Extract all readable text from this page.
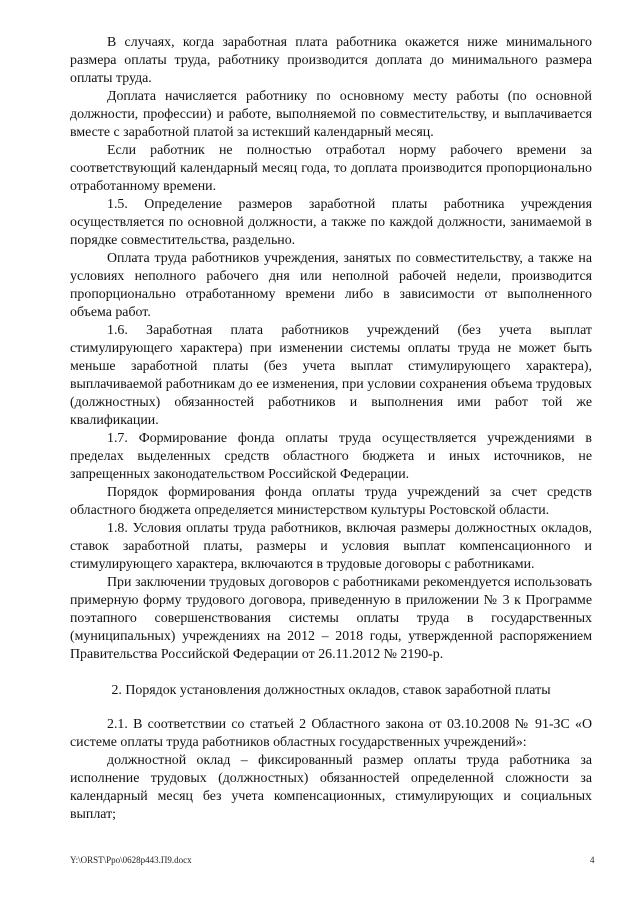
В случаях, когда заработная плата работника окажется ниже минимального размера оплаты труда, работнику производится доплата до минимального размера оплаты труда.

Доплата начисляется работнику по основному месту работы (по основной должности, профессии) и работе, выполняемой по совместительству, и выплачивается вместе с заработной платой за истекший календарный месяц.

Если работник не полностью отработал норму рабочего времени за соответствующий календарный месяц года, то доплата производится пропорционально отработанному времени.

1.5. Определение размеров заработной платы работника учреждения осуществляется по основной должности, а также по каждой должности, занимаемой в порядке совместительства, раздельно.

Оплата труда работников учреждения, занятых по совместительству, а также на условиях неполного рабочего дня или неполной рабочей недели, производится пропорционально отработанному времени либо в зависимости от выполненного объема работ.

1.6. Заработная плата работников учреждений (без учета выплат стимулирующего характера) при изменении системы оплаты труда не может быть меньше заработной платы (без учета выплат стимулирующего характера), выплачиваемой работникам до ее изменения, при условии сохранения объема трудовых (должностных) обязанностей работников и выполнения ими работ той же квалификации.

1.7. Формирование фонда оплаты труда осуществляется учреждениями в пределах выделенных средств областного бюджета и иных источников, не запрещенных законодательством Российской Федерации.

Порядок формирования фонда оплаты труда учреждений за счет средств областного бюджета определяется министерством культуры Ростовской области.

1.8. Условия оплаты труда работников, включая размеры должностных окладов, ставок заработной платы, размеры и условия выплат компенсационного и стимулирующего характера, включаются в трудовые договоры с работниками.

При заключении трудовых договоров с работниками рекомендуется использовать примерную форму трудового договора, приведенную в приложении № 3 к Программе поэтапного совершенствования системы оплаты труда в государственных (муниципальных) учреждениях на 2012 – 2018 годы, утвержденной распоряжением Правительства Российской Федерации от 26.11.2012 № 2190-р.

2. Порядок установления должностных окладов, ставок заработной платы

2.1. В соответствии со статьей 2 Областного закона от 03.10.2008 № 91-ЗС «О системе оплаты труда работников областных государственных учреждений»:

должностной оклад – фиксированный размер оплаты труда работника за исполнение трудовых (должностных) обязанностей определенной сложности за календарный месяц без учета компенсационных, стимулирующих и социальных выплат;

Y:\ORST\Ppo\0628p443.П9.docx	4
